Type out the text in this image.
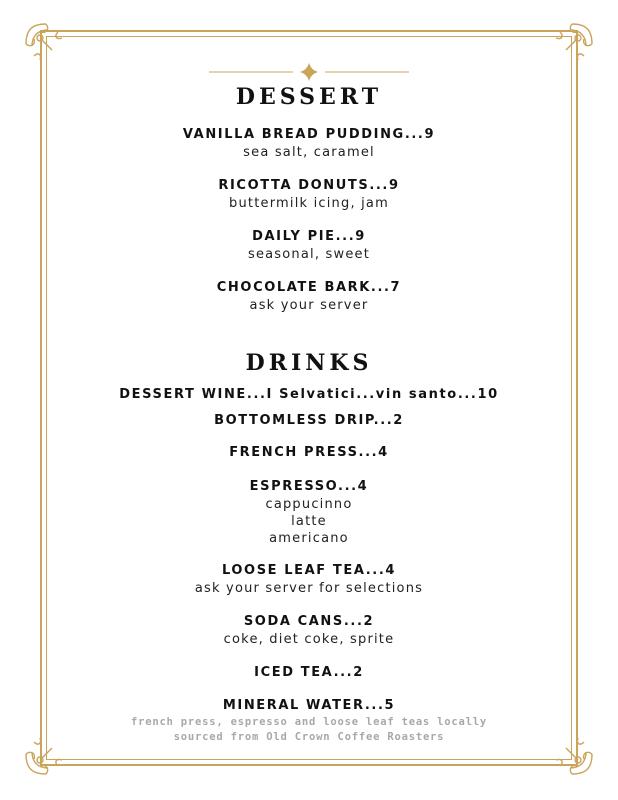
DESSERT
VANILLA BREAD PUDDING...9
sea salt, caramel
RICOTTA DONUTS...9
buttermilk icing, jam
DAILY PIE...9
seasonal, sweet
CHOCOLATE BARK...7
ask your server
DRINKS
DESSERT WINE...I Selvatici...vin santo...10
BOTTOMLESS DRIP...2
FRENCH PRESS...4
ESPRESSO...4
cappucinno
latte
americano
LOOSE LEAF TEA...4
ask your server for selections
SODA CANS...2
coke, diet coke, sprite
ICED TEA...2
MINERAL WATER...5
french press, espresso and loose leaf teas locally
sourced from Old Crown Coffee Roasters
